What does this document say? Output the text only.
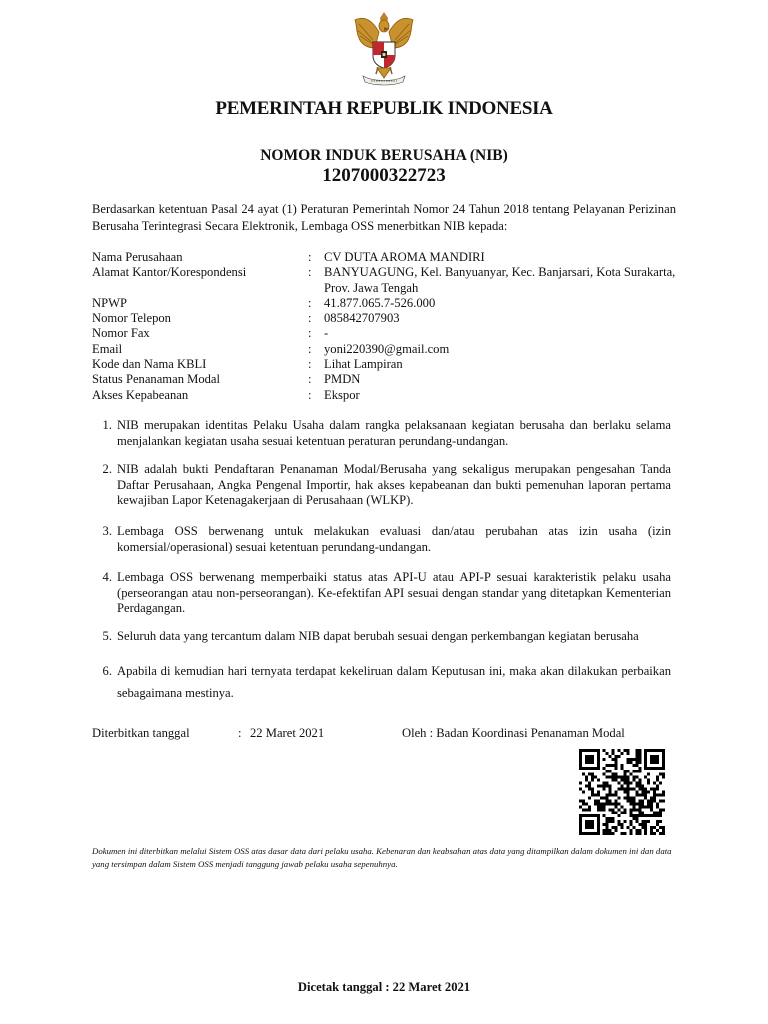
PEMERINTAH REPUBLIK INDONESIA
NOMOR INDUK BERUSAHA (NIB)
1207000322723
Berdasarkan ketentuan Pasal 24 ayat (1) Peraturan Pemerintah Nomor 24 Tahun 2018 tentang Pelayanan Perizinan Berusaha Terintegrasi Secara Elektronik, Lembaga OSS menerbitkan NIB kepada:
Nama Perusahaan	: CV DUTA AROMA MANDIRI
Alamat Kantor/Korespondensi	: BANYUAGUNG, Kel. Banyuanyar, Kec. Banjarsari, Kota Surakarta, Prov. Jawa Tengah
NPWP	: 41.877.065.7-526.000
Nomor Telepon	: 085842707903
Nomor Fax	: -
Email	: yoni220390@gmail.com
Kode dan Nama KBLI	: Lihat Lampiran
Status Penanaman Modal	: PMDN
Akses Kepabeanan	: Ekspor
1. NIB merupakan identitas Pelaku Usaha dalam rangka pelaksanaan kegiatan berusaha dan berlaku selama menjalankan kegiatan usaha sesuai ketentuan peraturan perundang-undangan.
2. NIB adalah bukti Pendaftaran Penanaman Modal/Berusaha yang sekaligus merupakan pengesahan Tanda Daftar Perusahaan, Angka Pengenal Importir, hak akses kepabeanan dan bukti pemenuhan laporan pertama kewajiban Lapor Ketenagakerjaan di Perusahaan (WLKP).
3. Lembaga OSS berwenang untuk melakukan evaluasi dan/atau perubahan atas izin usaha (izin komersial/operasional) sesuai ketentuan perundang-undangan.
4. Lembaga OSS berwenang memperbaiki status atas API-U atau API-P sesuai karakteristik pelaku usaha (perseorangan atau non-perseorangan). Ke-efektifan API sesuai dengan standar yang ditetapkan Kementerian Perdagangan.
5. Seluruh data yang tercantum dalam NIB dapat berubah sesuai dengan perkembangan kegiatan berusaha
6. Apabila di kemudian hari ternyata terdapat kekeliruan dalam Keputusan ini, maka akan dilakukan perbaikan sebagaimana mestinya.
Diterbitkan tanggal	: 22 Maret 2021	Oleh : Badan Koordinasi Penanaman Modal
Dokumen ini diterbitkan melalui Sistem OSS atas dasar data dari pelaku usaha. Kebenaran dan keabsahan atas data yang ditampilkan dalam dokumen ini dan data yang tersimpan dalam Sistem OSS menjadi tanggung jawab pelaku usaha sepenuhnya.
Dicetak tanggal : 22 Maret 2021
